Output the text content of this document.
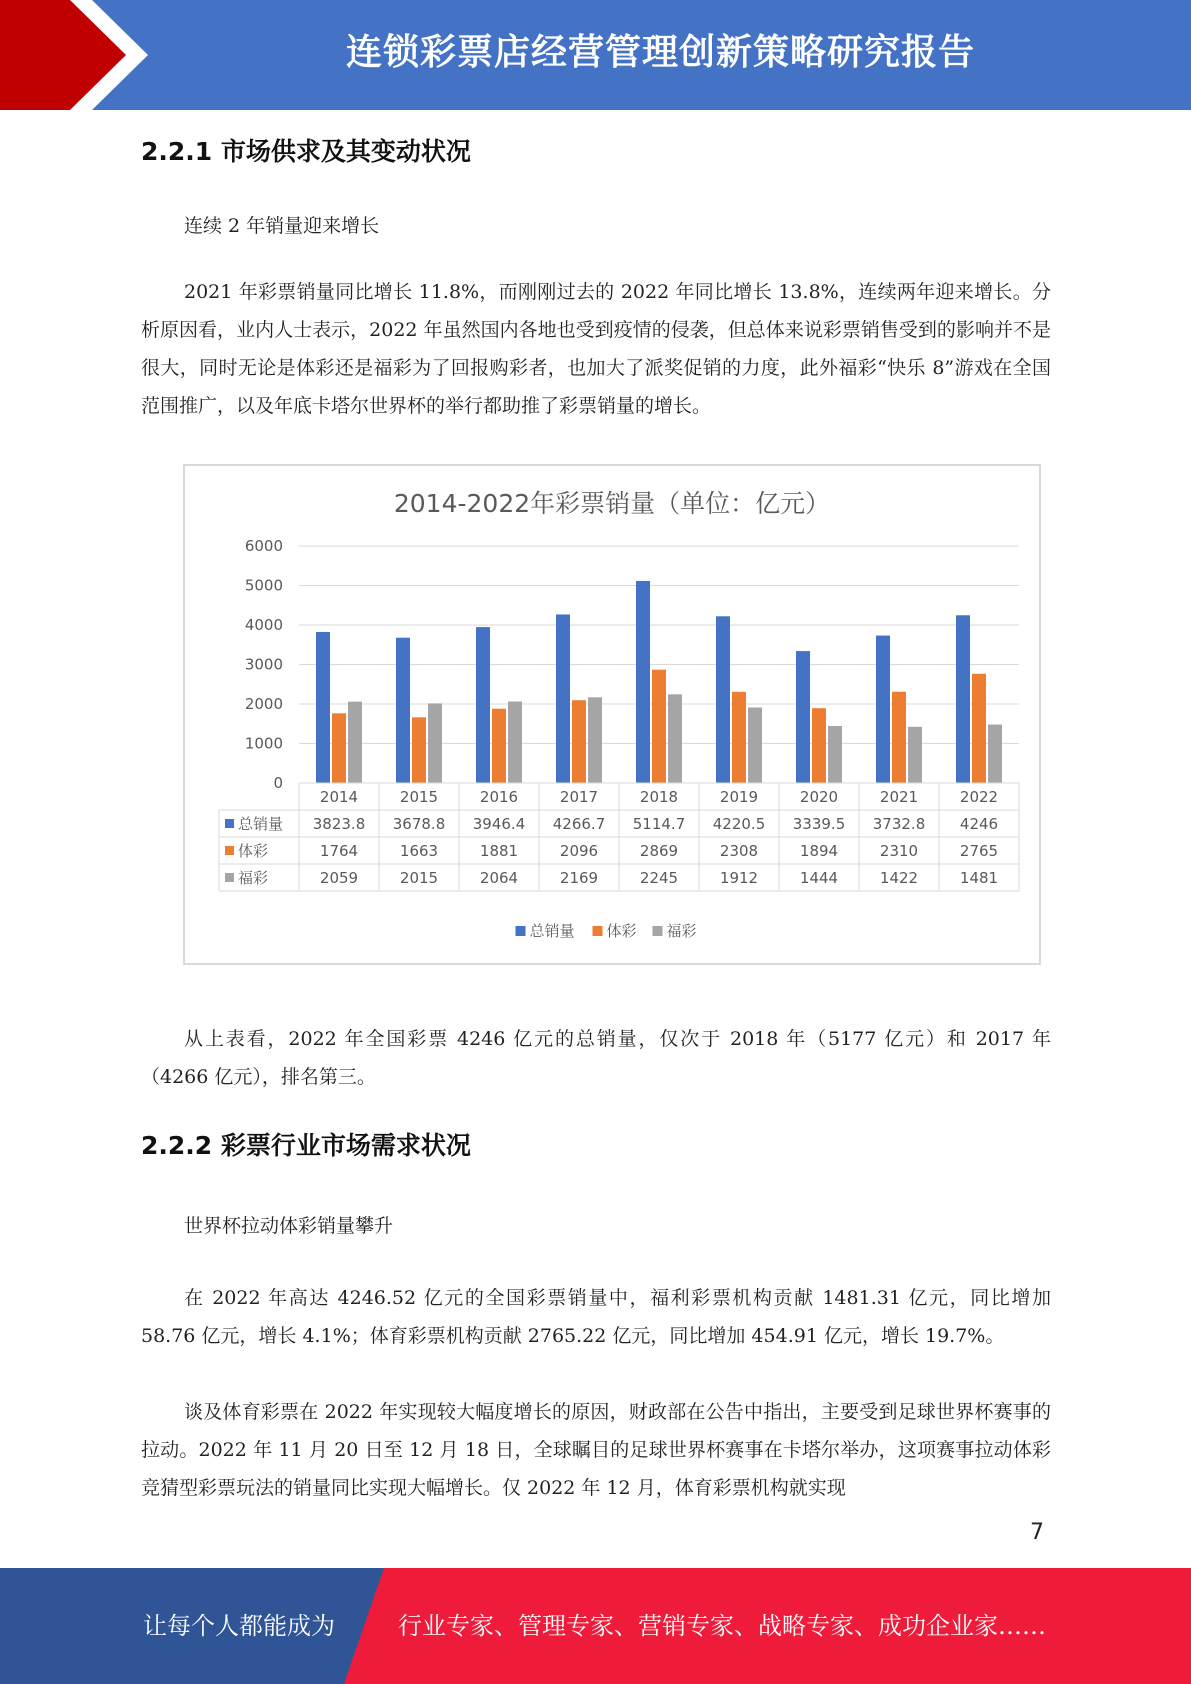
连锁彩票店经营管理创新策略研究报告
2.2.1 市场供求及其变动状况
连续 2 年销量迎来增长
2021 年彩票销量同比增长 11.8%，而刚刚过去的 2022 年同比增长 13.8%，连续两年迎来增长。分析原因看，业内人士表示，2022 年虽然国内各地也受到疫情的侵袭，但总体来说彩票销售受到的影响并不是很大，同时无论是体彩还是福彩为了回报购彩者，也加大了派奖促销的力度，此外福彩“快乐 8”游戏在全国范围推广，以及年底卡塔尔世界杯的举行都助推了彩票销量的增长。
2014-2022年彩票销量（单位：亿元）
0
1000
2000
3000
4000
5000
6000
2014	2015	2016	2017	2018	2019	2020	2021	2022
总销量 3823.8 3678.8 3946.4 4266.7 5114.7 4220.5 3339.5 3732.8 4246
体彩	1764	1663	1881	2096	2869	2308	1894	2310	2765
福彩	2059	2015	2064	2169	2245	1912	1444	1422	1481
总销量 体彩 福彩
从上表看，2022 年全国彩票 4246 亿元的总销量，仅次于 2018 年（5177 亿元）和 2017 年（4266 亿元），排名第三。
2.2.2 彩票行业市场需求状况
世界杯拉动体彩销量攀升
在 2022 年高达 4246.52 亿元的全国彩票销量中，福利彩票机构贡献 1481.31 亿元，同比增加 58.76 亿元，增长 4.1%；体育彩票机构贡献 2765.22 亿元，同比增加 454.91 亿元，增长 19.7%。
谈及体育彩票在 2022 年实现较大幅度增长的原因，财政部在公告中指出，主要受到足球世界杯赛事的拉动。2022 年 11 月 20 日至 12 月 18 日，全球瞩目的足球世界杯赛事在卡塔尔举办，这项赛事拉动体彩竞猜型彩票玩法的销量同比实现大幅增长。仅 2022 年 12 月，体育彩票机构就实现
7
让每个人都能成为	行业专家、管理专家、营销专家、战略专家、成功企业家……
